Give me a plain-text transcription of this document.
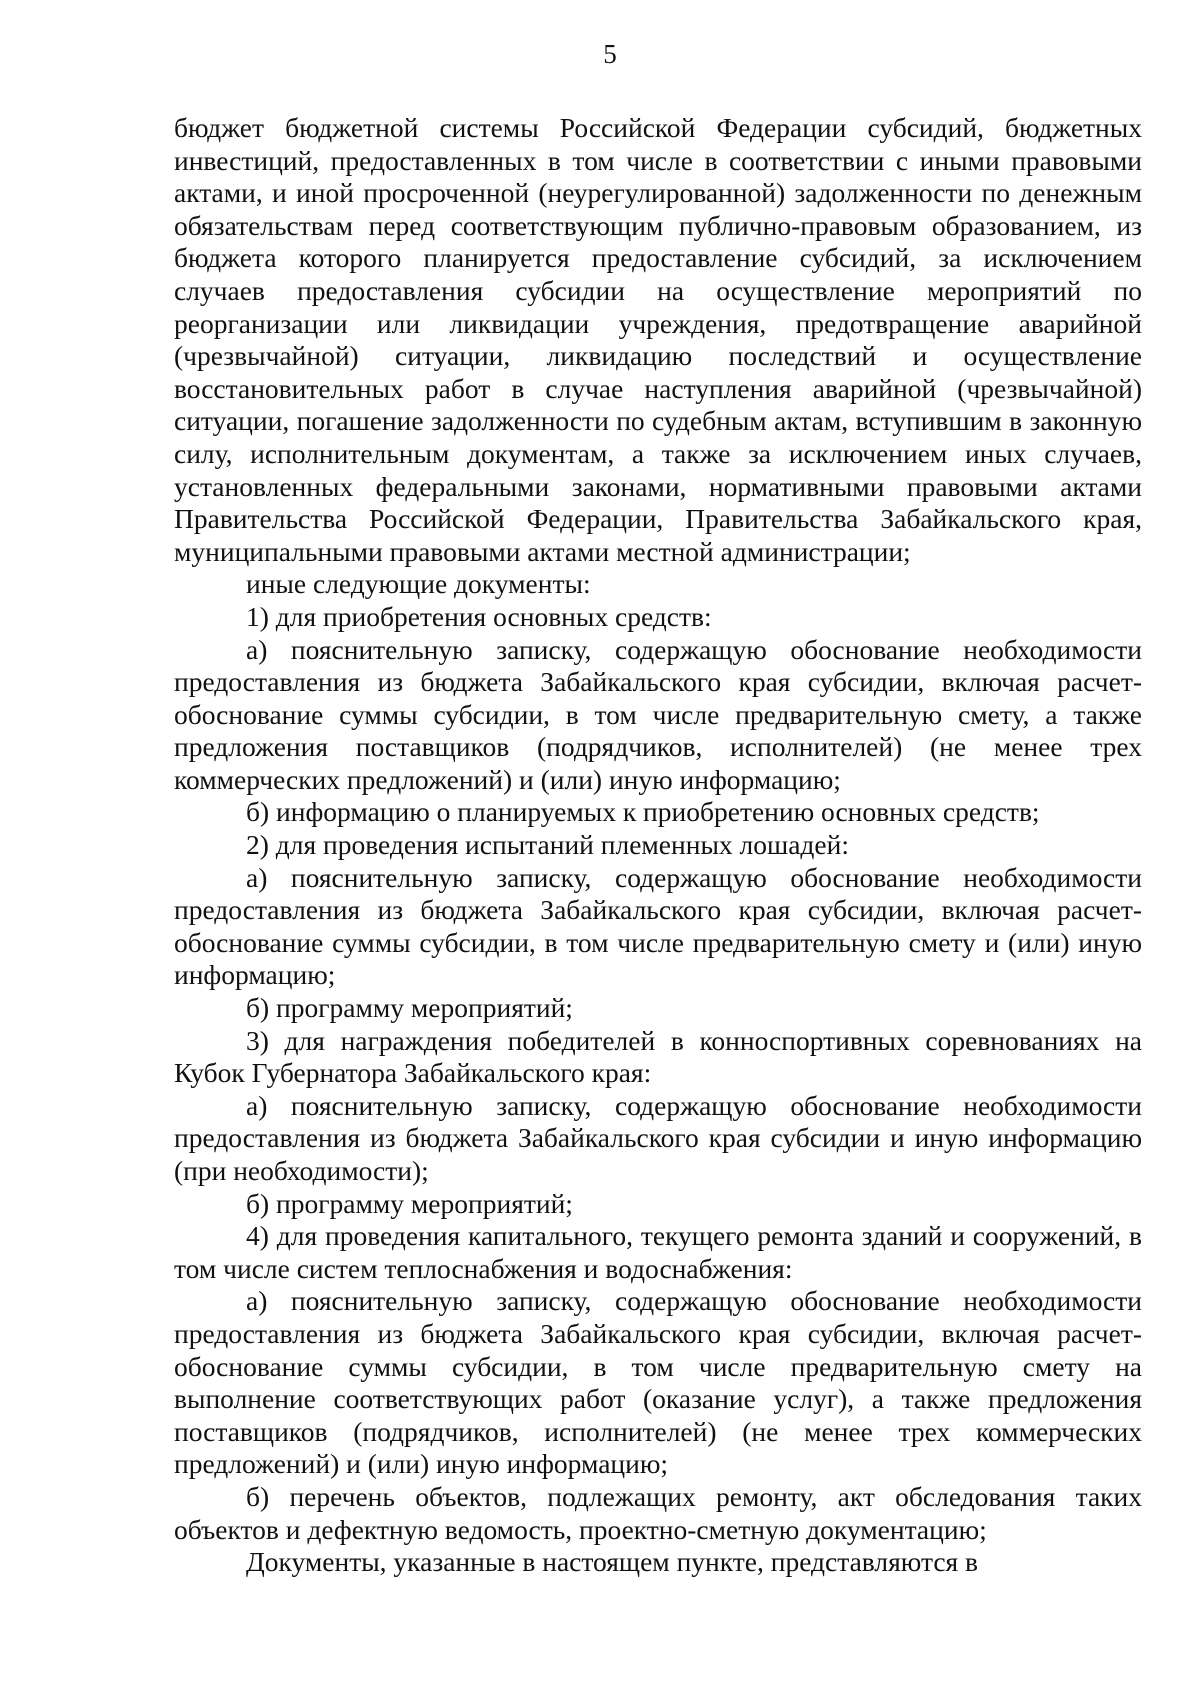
5

бюджет бюджетной системы Российской Федерации субсидий, бюджетных инвестиций, предоставленных в том числе в соответствии с иными правовыми актами, и иной просроченной (неурегулированной) задолженности по денежным обязательствам перед соответствующим публично-правовым образованием, из бюджета которого планируется предоставление субсидий, за исключением случаев предоставления субсидии на осуществление мероприятий по реорганизации или ликвидации учреждения, предотвращение аварийной (чрезвычайной) ситуации, ликвидацию последствий и осуществление восстановительных работ в случае наступления аварийной (чрезвычайной) ситуации, погашение задолженности по судебным актам, вступившим в законную силу, исполнительным документам, а также за исключением иных случаев, установленных федеральными законами, нормативными правовыми актами Правительства Российской Федерации, Правительства Забайкальского края, муниципальными правовыми актами местной администрации;

иные следующие документы:

1) для приобретения основных средств:

а) пояснительную записку, содержащую обоснование необходимости предоставления из бюджета Забайкальского края субсидии, включая расчет-обоснование суммы субсидии, в том числе предварительную смету, а также предложения поставщиков (подрядчиков, исполнителей) (не менее трех коммерческих предложений) и (или) иную информацию;

б) информацию о планируемых к приобретению основных средств;

2) для проведения испытаний племенных лошадей:

а) пояснительную записку, содержащую обоснование необходимости предоставления из бюджета Забайкальского края субсидии, включая расчет-обоснование суммы субсидии, в том числе предварительную смету и (или) иную информацию;

б) программу мероприятий;

3) для награждения победителей в конноспортивных соревнованиях на Кубок Губернатора Забайкальского края:

а) пояснительную записку, содержащую обоснование необходимости предоставления из бюджета Забайкальского края субсидии и иную информацию (при необходимости);

б) программу мероприятий;

4) для проведения капитального, текущего ремонта зданий и сооружений, в том числе систем теплоснабжения и водоснабжения:

а) пояснительную записку, содержащую обоснование необходимости предоставления из бюджета Забайкальского края субсидии, включая расчет-обоснование суммы субсидии, в том числе предварительную смету на выполнение соответствующих работ (оказание услуг), а также предложения поставщиков (подрядчиков, исполнителей) (не менее трех коммерческих предложений) и (или) иную информацию;

б) перечень объектов, подлежащих ремонту, акт обследования таких объектов и дефектную ведомость, проектно-сметную документацию;

Документы, указанные в настоящем пункте, представляются в
